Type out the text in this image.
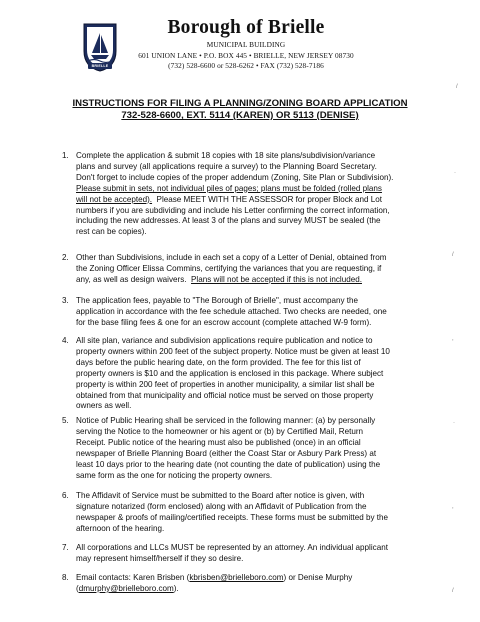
BRIELLE
Borough of Brielle
MUNICIPAL BUILDING
601 UNION LANE • P.O. BOX 445 • BRIELLE, NEW JERSEY 08730
(732) 528-6600 or 528-6262 • FAX (732) 528-7186
INSTRUCTIONS FOR FILING A PLANNING/ZONING BOARD APPLICATION
732-528-6600, EXT. 5114 (KAREN) OR 5113 (DENISE)
1. Complete the application & submit 18 copies with 18 site plans/subdivision/variance
plans and survey (all applications require a survey) to the Planning Board Secretary.
Don't forget to include copies of the proper addendum (Zoning, Site Plan or Subdivision).
Please submit in sets, not individual piles of pages; plans must be folded (rolled plans
will not be accepted). Please MEET WITH THE ASSESSOR for proper Block and Lot
numbers if you are subdividing and include his Letter confirming the correct information,
including the new addresses. At least 3 of the plans and survey MUST be sealed (the
rest can be copies).
2. Other than Subdivisions, include in each set a copy of a Letter of Denial, obtained from
the Zoning Officer Elissa Commins, certifying the variances that you are requesting, if
any, as well as design waivers. Plans will not be accepted if this is not included.
3. The application fees, payable to "The Borough of Brielle", must accompany the
application in accordance with the fee schedule attached. Two checks are needed, one
for the base filing fees & one for an escrow account (complete attached W-9 form).
4. All site plan, variance and subdivision applications require publication and notice to
property owners within 200 feet of the subject property. Notice must be given at least 10
days before the public hearing date, on the form provided. The fee for this list of
property owners is $10 and the application is enclosed in this package. Where subject
property is within 200 feet of properties in another municipality, a similar list shall be
obtained from that municipality and official notice must be served on those property
owners as well.
5. Notice of Public Hearing shall be serviced in the following manner: (a) by personally
serving the Notice to the homeowner or his agent or (b) by Certified Mail, Return
Receipt. Public notice of the hearing must also be published (once) in an official
newspaper of Brielle Planning Board (either the Coast Star or Asbury Park Press) at
least 10 days prior to the hearing date (not counting the date of publication) using the
same form as the one for noticing the property owners.
6. The Affidavit of Service must be submitted to the Board after notice is given, with
signature notarized (form enclosed) along with an Affidavit of Publication from the
newspaper & proofs of mailing/certified receipts. These forms must be submitted by the
afternoon of the hearing.
7. All corporations and LLCs MUST be represented by an attorney. An individual applicant
may represent himself/herself if they so desire.
8. Email contacts: Karen Brisben (kbrisben@brielleboro.com) or Denise Murphy
(dmurphy@brielleboro.com).
/
·
/
,
·
,
/
